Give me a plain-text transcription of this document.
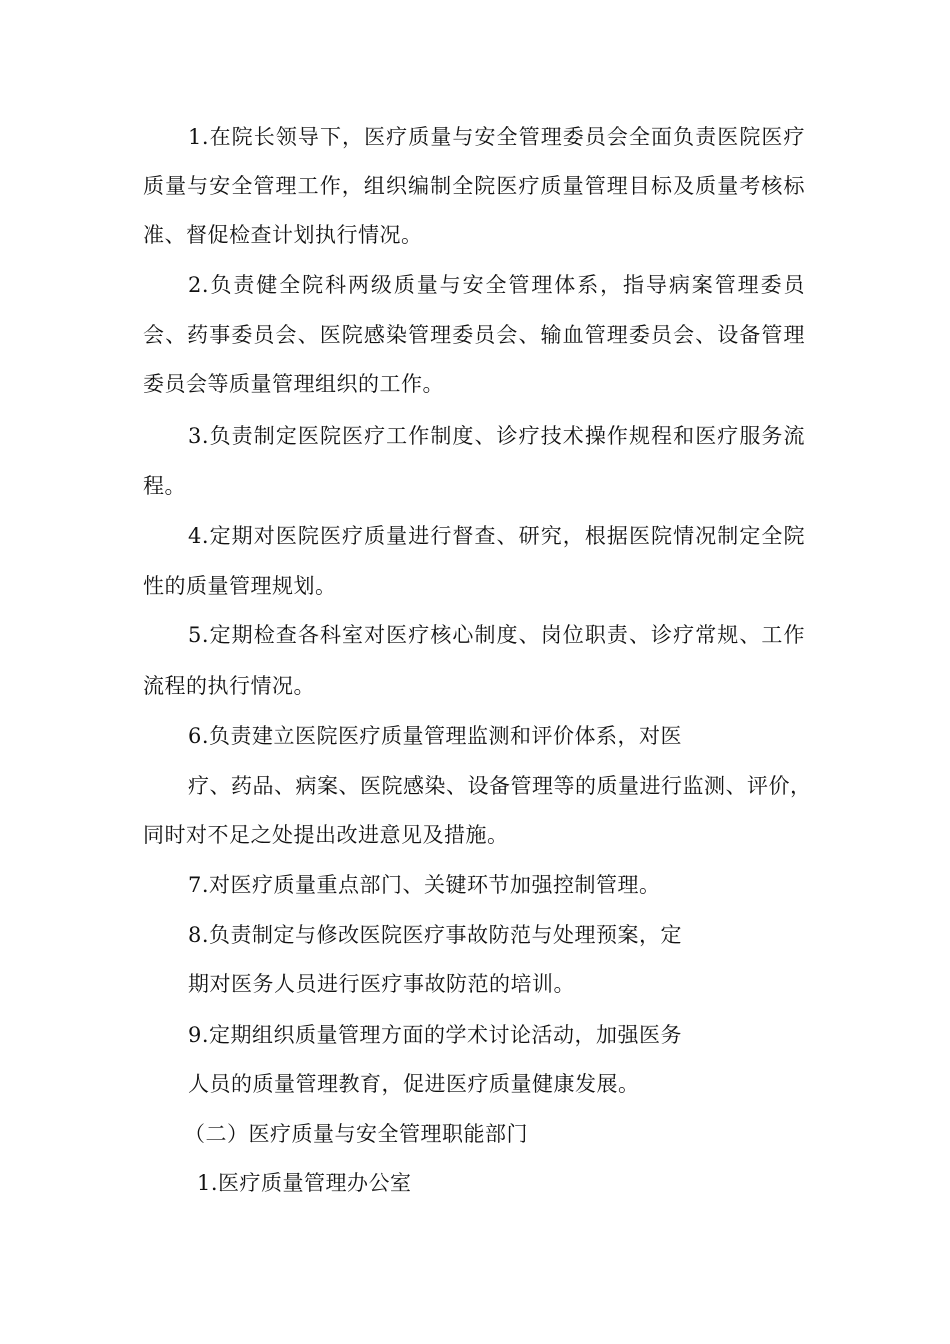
1.在院长领导下，医疗质量与安全管理委员会全面负责医院医疗
质量与安全管理工作，组织编制全院医疗质量管理目标及质量考核标
准、督促检查计划执行情况。
2.负责健全院科两级质量与安全管理体系，指导病案管理委员
会、药事委员会、医院感染管理委员会、输血管理委员会、设备管理
委员会等质量管理组织的工作。
3.负责制定医院医疗工作制度、诊疗技术操作规程和医疗服务流
程。
4.定期对医院医疗质量进行督查、研究，根据医院情况制定全院
性的质量管理规划。
5.定期检查各科室对医疗核心制度、岗位职责、诊疗常规、工作
流程的执行情况。
6.负责建立医院医疗质量管理监测和评价体系，对医
疗、药品、病案、医院感染、设备管理等的质量进行监测、评价，
同时对不足之处提出改进意见及措施。
7.对医疗质量重点部门、关键环节加强控制管理。
8.负责制定与修改医院医疗事故防范与处理预案，定
期对医务人员进行医疗事故防范的培训。
9.定期组织质量管理方面的学术讨论活动，加强医务
人员的质量管理教育，促进医疗质量健康发展。
（二）医疗质量与安全管理职能部门
1.医疗质量管理办公室
